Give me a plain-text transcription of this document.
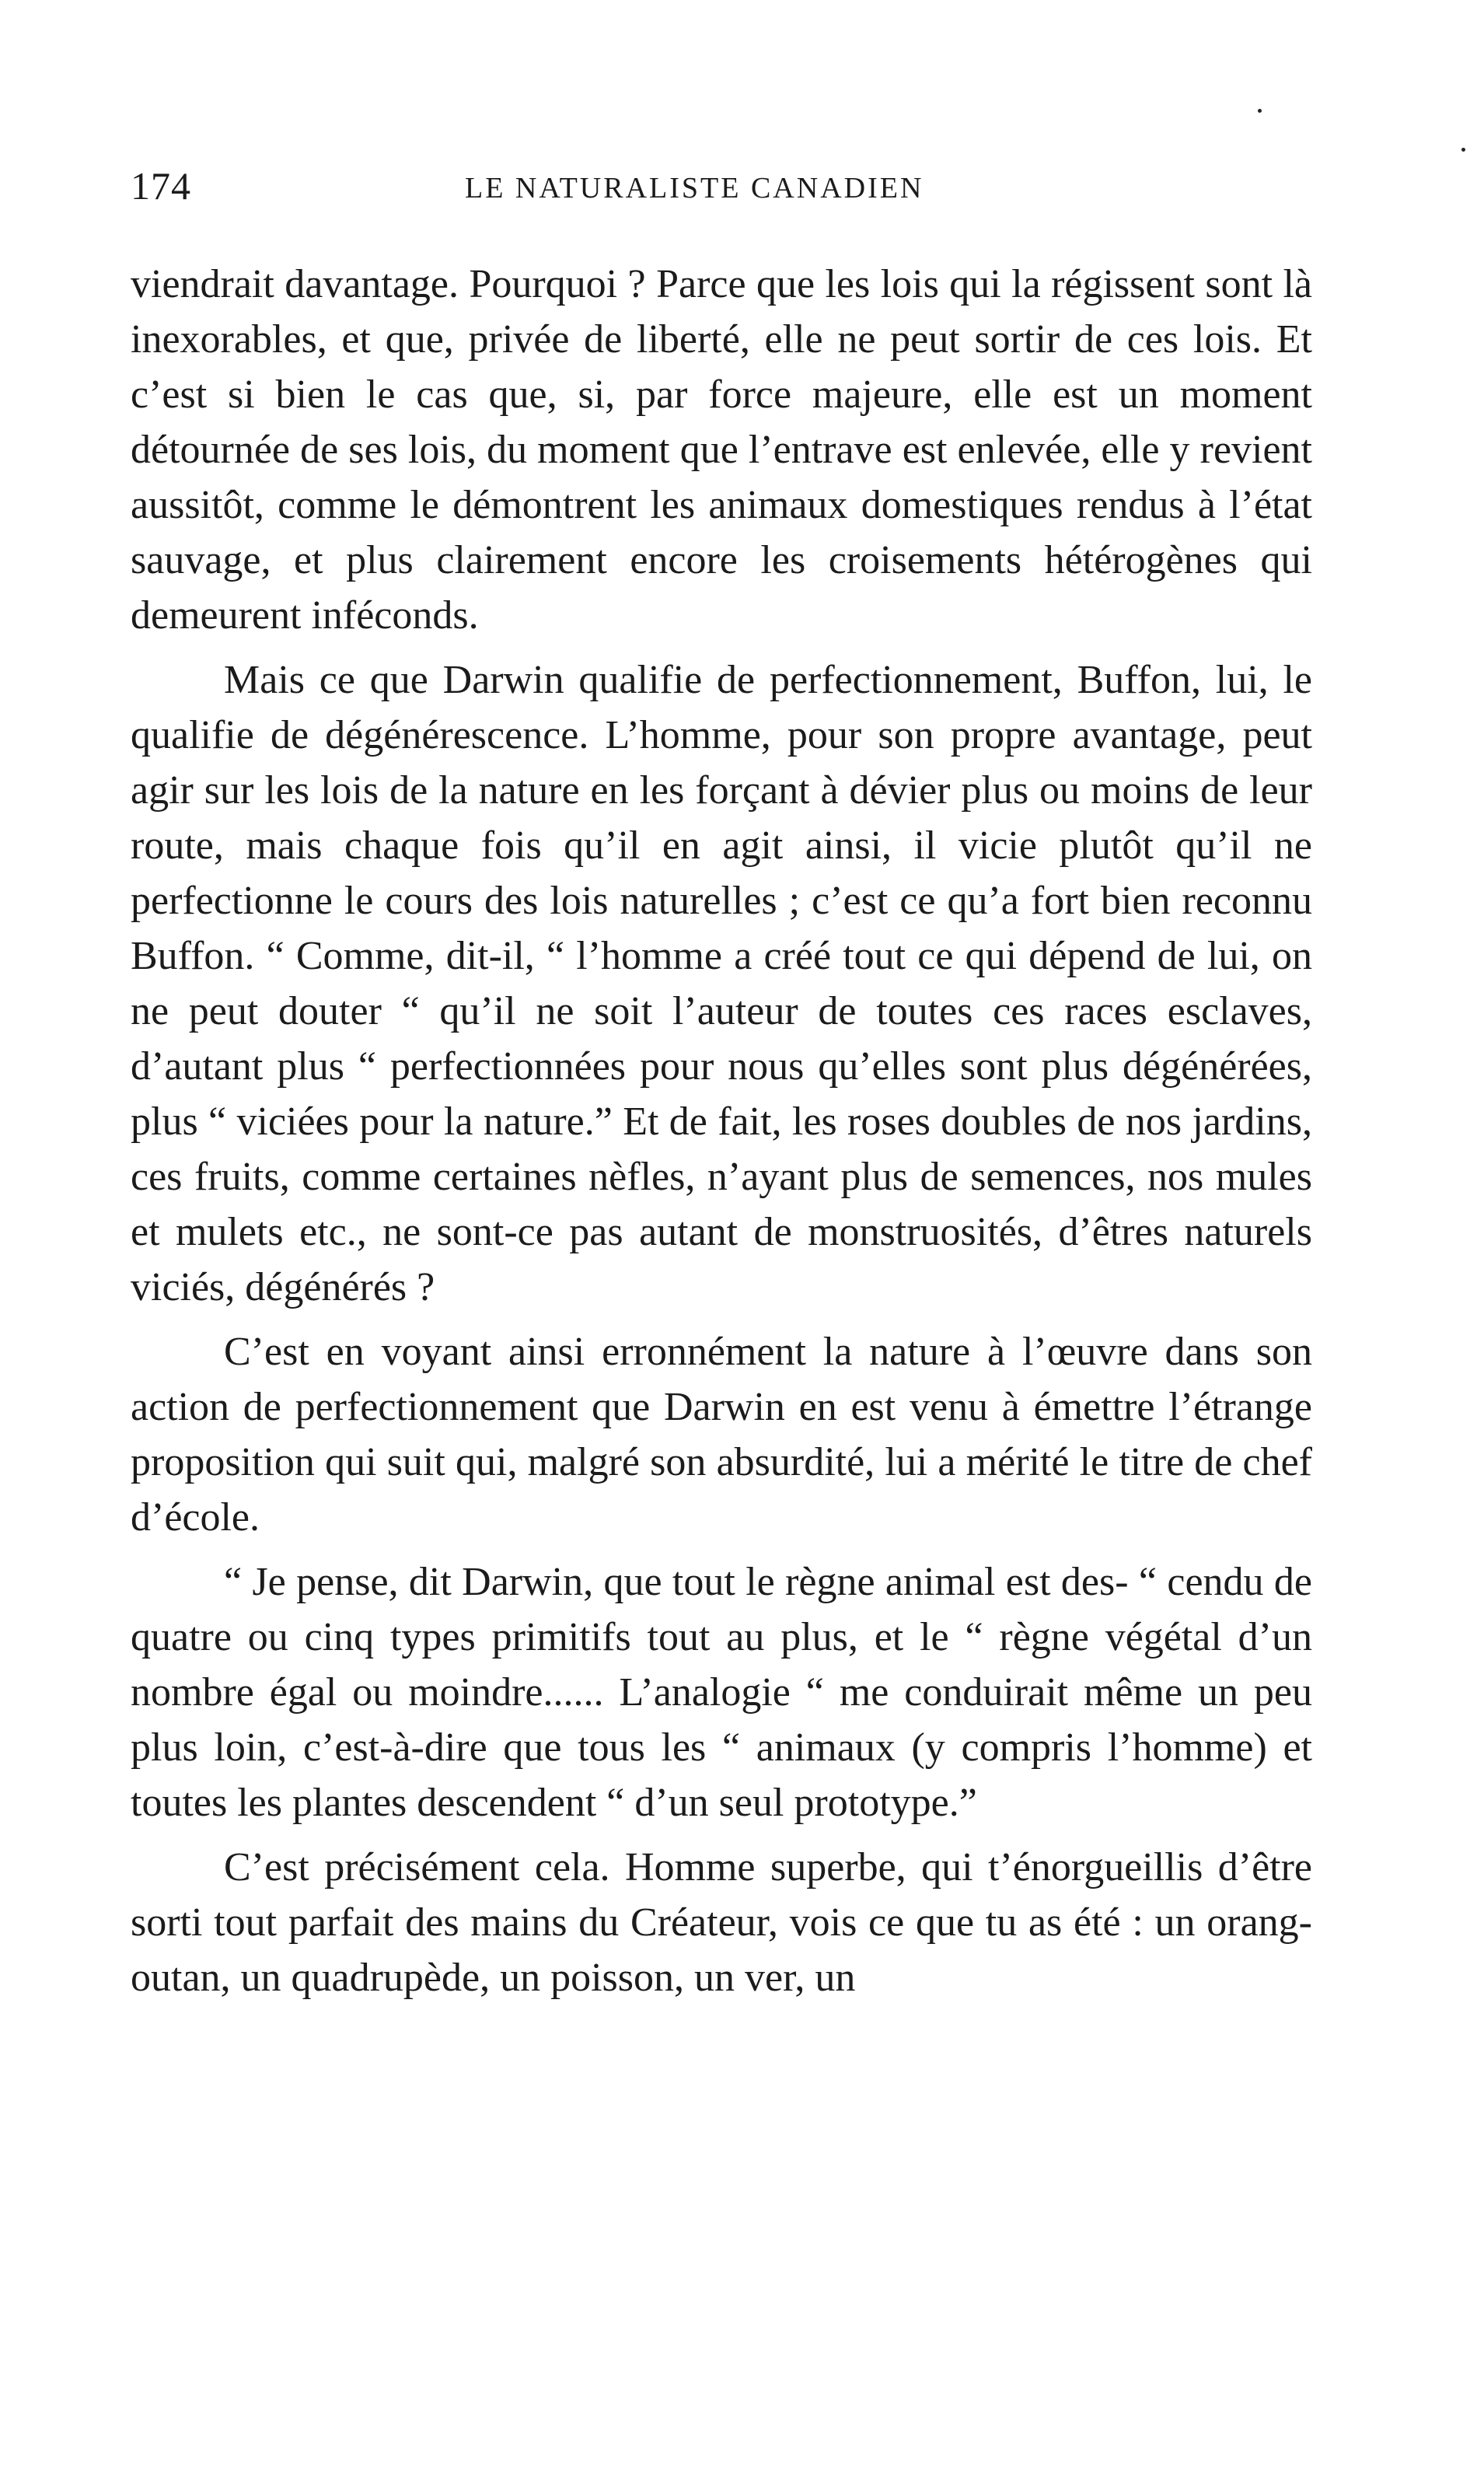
174	LE NATURALISTE CANADIEN

viendrait davantage. Pourquoi ? Parce que les lois qui la régissent sont là inexorables, et que, privée de liberté, elle ne peut sortir de ces lois. Et c’est si bien le cas que, si, par force majeure, elle est un moment détournée de ses lois, du moment que l’entrave est enlevée, elle y revient aussitôt, comme le démontrent les animaux domestiques rendus à l’état sauvage, et plus clairement encore les croisements hétérogènes qui demeurent inféconds.

Mais ce que Darwin qualifie de perfectionnement, Buffon, lui, le qualifie de dégénérescence. L’homme, pour son propre avantage, peut agir sur les lois de la nature en les forçant à dévier plus ou moins de leur route, mais chaque fois qu’il en agit ainsi, il vicie plutôt qu’il ne perfectionne le cours des lois naturelles ; c’est ce qu’a fort bien reconnu Buffon. “ Comme, dit-il, “ l’homme a créé tout ce qui dépend de lui, on ne peut douter “ qu’il ne soit l’auteur de toutes ces races esclaves, d’autant plus “ perfectionnées pour nous qu’elles sont plus dégénérées, plus “ viciées pour la nature.” Et de fait, les roses doubles de nos jardins, ces fruits, comme certaines nèfles, n’ayant plus de semences, nos mules et mulets etc., ne sont-ce pas autant de monstruosités, d’êtres naturels viciés, dégénérés ?

C’est en voyant ainsi erronnément la nature à l’œuvre dans son action de perfectionnement que Darwin en est venu à émettre l’étrange proposition qui suit qui, malgré son absurdité, lui a mérité le titre de chef d’école.

“ Je pense, dit Darwin, que tout le règne animal est des- “ cendu de quatre ou cinq types primitifs tout au plus, et le “ règne végétal d’un nombre égal ou moindre...... L’analogie “ me conduirait même un peu plus loin, c’est-à-dire que tous les “ animaux (y compris l’homme) et toutes les plantes descendent “ d’un seul prototype.”

C’est précisément cela. Homme superbe, qui t’énorgueillis d’être sorti tout parfait des mains du Créateur, vois ce que tu as été : un orang-outan, un quadrupède, un poisson, un ver, un
